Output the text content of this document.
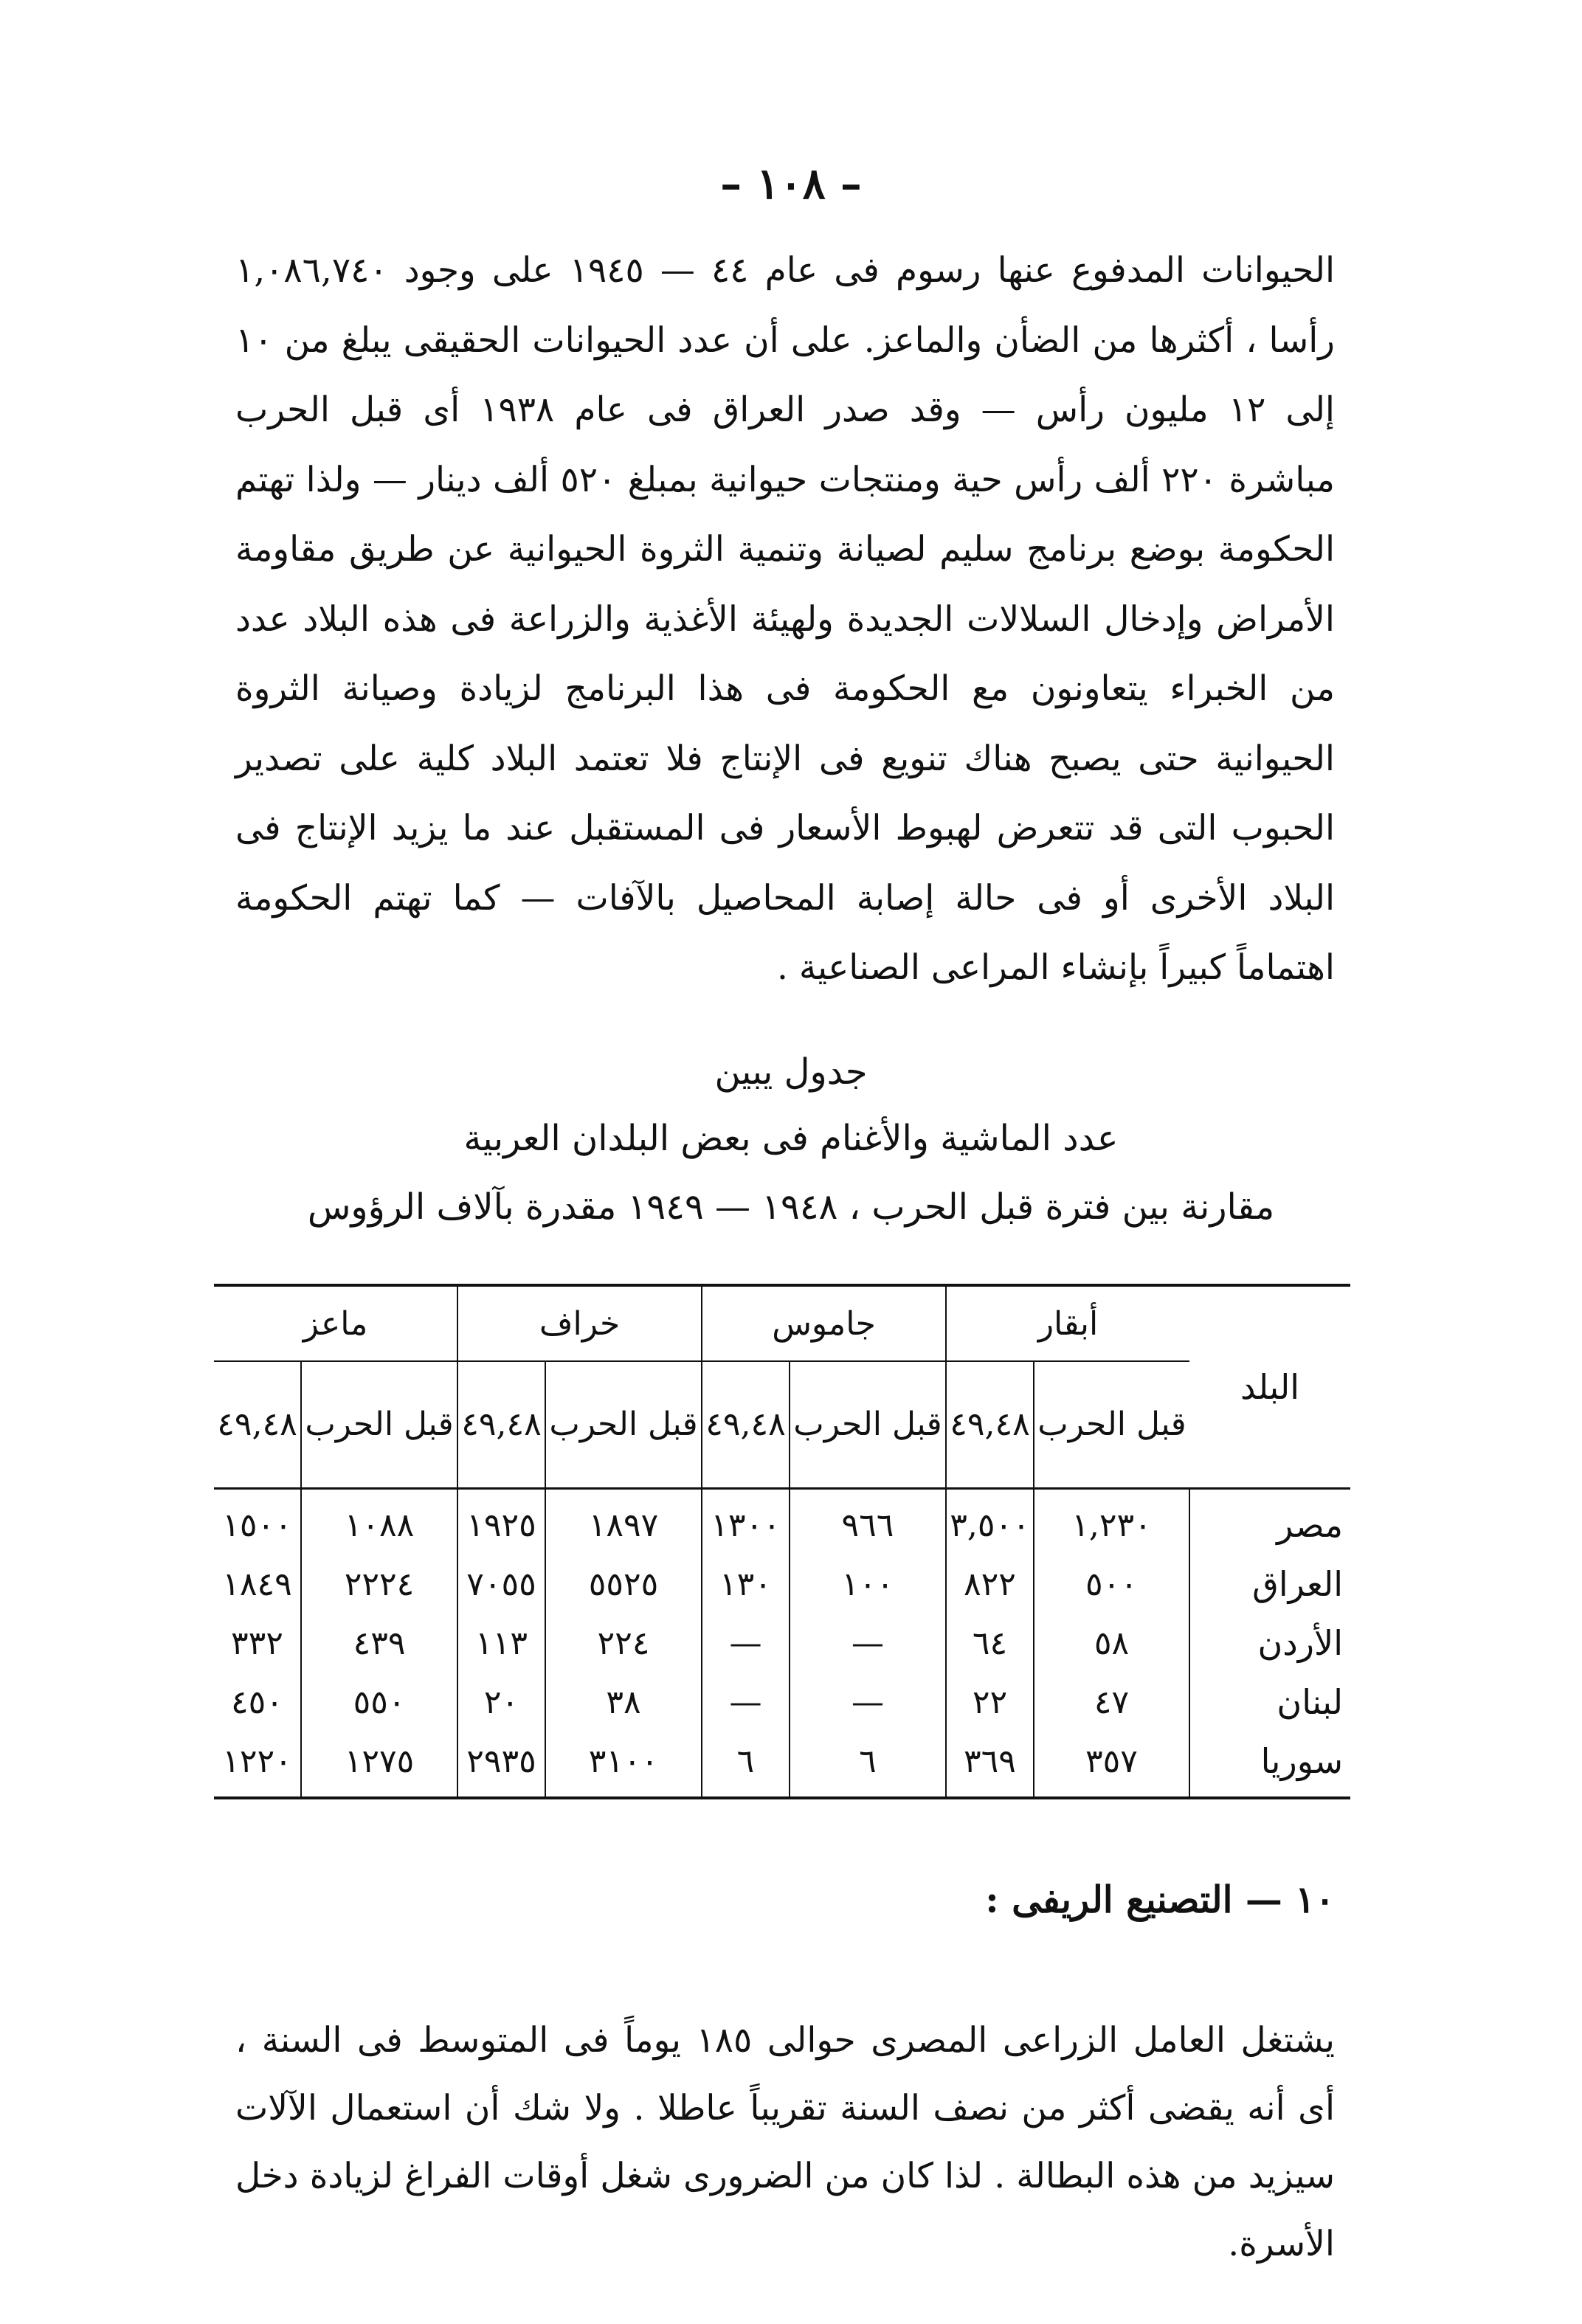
– ١٠٨ –

الحيوانات المدفوع عنها رسوم فى عام ٤٤ — ١٩٤٥ على وجود ١,٠٨٦,٧٤٠ رأسا ، أكثرها من الضأن والماعز. على أن عدد الحيوانات الحقيقى يبلغ من ١٠ إلى ١٢ مليون رأس — وقد صدر العراق فى عام ١٩٣٨ أى قبل الحرب مباشرة ٢٢٠ ألف رأس حية ومنتجات حيوانية بمبلغ ٥٢٠ ألف دينار — ولذا تهتم الحكومة بوضع برنامج سليم لصيانة وتنمية الثروة الحيوانية عن طريق مقاومة الأمراض وإدخال السلالات الجديدة ولهيئة الأغذية والزراعة فى هذه البلاد عدد من الخبراء يتعاونون مع الحكومة فى هذا البرنامج لزيادة وصيانة الثروة الحيوانية حتى يصبح هناك تنويع فى الإنتاج فلا تعتمد البلاد كلية على تصدير الحبوب التى قد تتعرض لهبوط الأسعار فى المستقبل عند ما يزيد الإنتاج فى البلاد الأخرى أو فى حالة إصابة المحاصيل بالآفات — كما تهتم الحكومة اهتماماً كبيراً بإنشاء المراعى الصناعية .

جدول يبين
عدد الماشية والأغنام فى بعض البلدان العربية
مقارنة بين فترة قبل الحرب ، ١٩٤٨ — ١٩٤٩ مقدرة بآلاف الرؤوس
البلد	أبقار		جاموس		خراف		ماعز	
	قبل الحرب	٤٩,٤٨	قبل الحرب	٤٩,٤٨	قبل الحرب	٤٩,٤٨	قبل الحرب	٤٩,٤٨
مصر	١,٢٣٠	٣,٥٠٠	٩٦٦	١٣٠٠	١٨٩٧	١٩٢٥	١٠٨٨	١٥٠٠
العراق	٥٠٠	٨٢٢	١٠٠	١٣٠	٥٥٢٥	٧٠٥٥	٢٢٢٤	١٨٤٩
الأردن	٥٨	٦٤	—	—	٢٢٤	١١٣	٤٣٩	٣٣٢
لبنان	٤٧	٢٢	—	—	٣٨	٢٠	٥٥٠	٤٥٠
سوريا	٣٥٧	٣٦٩	٦	٦	٣١٠٠	٢٩٣٥	١٢٧٥	١٢٢٠
١٠ — التصنيع الريفى :

يشتغل العامل الزراعى المصرى حوالى ١٨٥ يوماً فى المتوسط فى السنة ، أى أنه يقضى أكثر من نصف السنة تقريباً عاطلا . ولا شك أن استعمال الآلات سيزيد من هذه البطالة . لذا كان من الضرورى شغل أوقات الفراغ لزيادة دخل الأسرة.
